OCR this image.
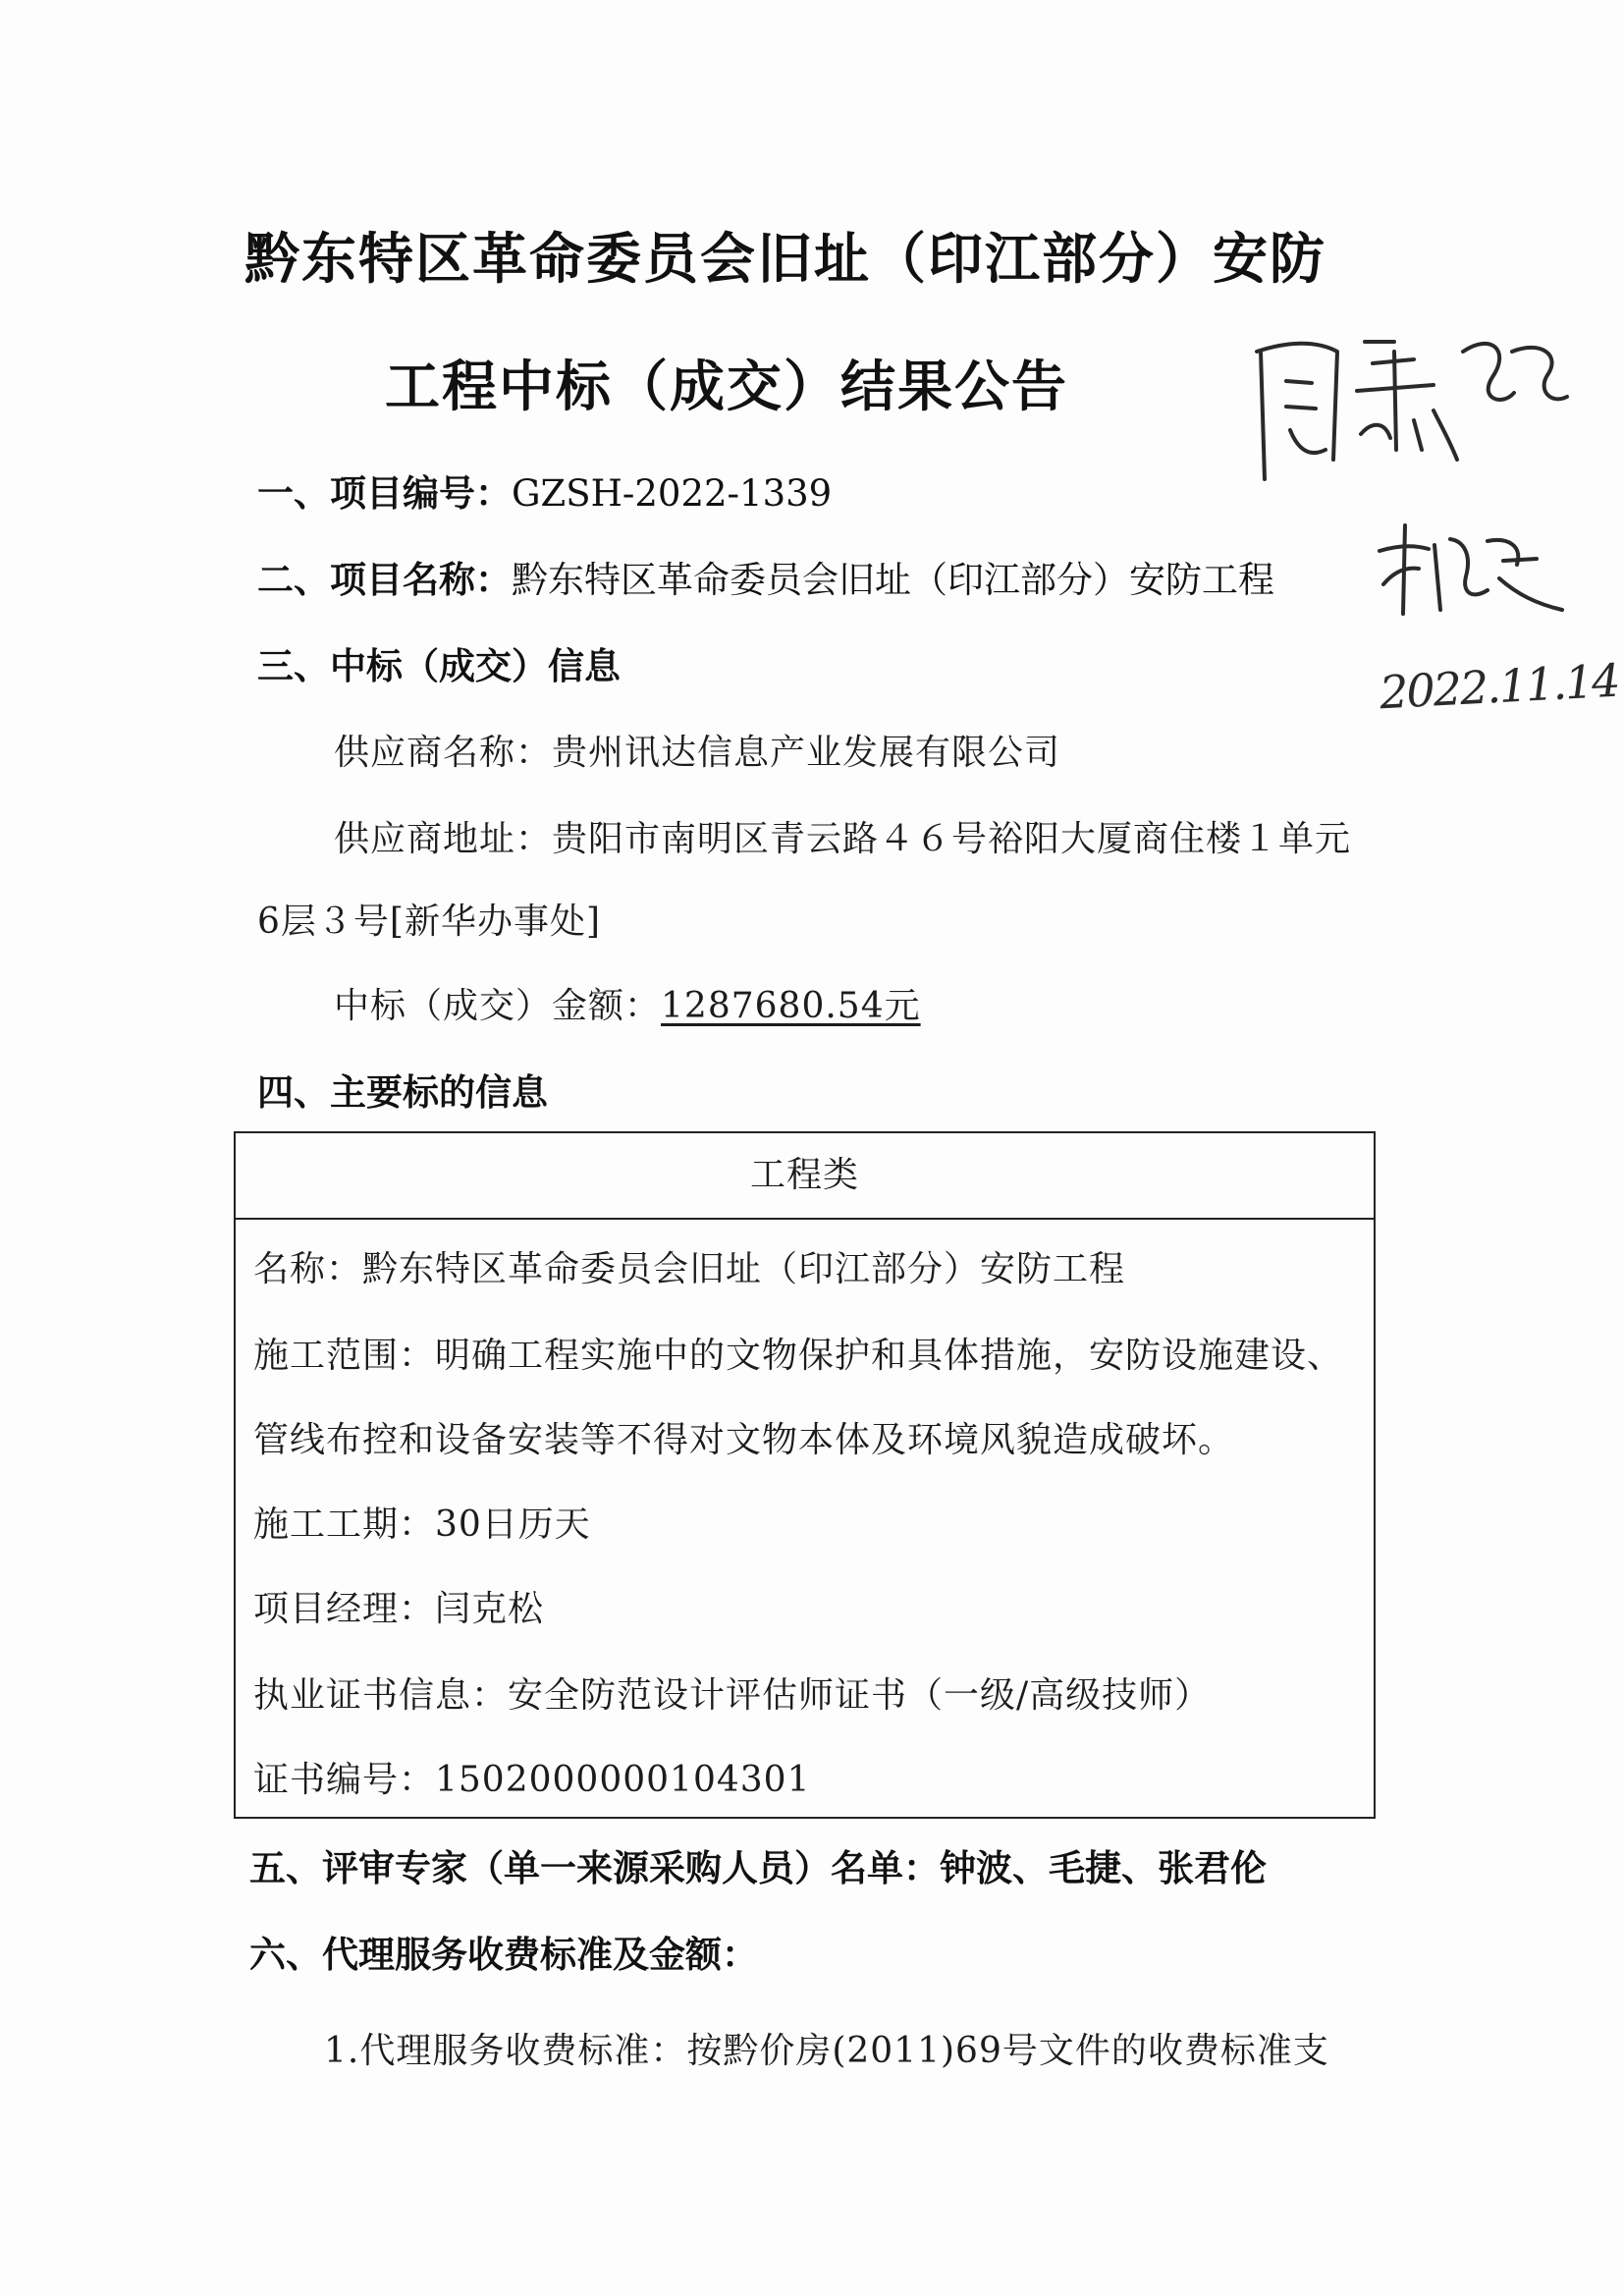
黔东特区革命委员会旧址（印江部分）安防
工程中标（成交）结果公告
一、项目编号：GZSH-2022-1339
二、项目名称：黔东特区革命委员会旧址（印江部分）安防工程
三、中标（成交）信息
供应商名称：贵州讯达信息产业发展有限公司
供应商地址：贵阳市南明区青云路４６号裕阳大厦商住楼１单元
6层３号[新华办事处]
中标（成交）金额：1287680.54元
四、主要标的信息
工程类
名称：黔东特区革命委员会旧址（印江部分）安防工程
施工范围：明确工程实施中的文物保护和具体措施，安防设施建设、
管线布控和设备安装等不得对文物本体及环境风貌造成破坏。
施工工期：30日历天
项目经理：闫克松
执业证书信息：安全防范设计评估师证书（一级/高级技师）
证书编号：1502000000104301
五、评审专家（单一来源采购人员）名单：钟波、毛捷、张君伦
六、代理服务收费标准及金额：
1.代理服务收费标准：按黔价房(2011)69号文件的收费标准支
2022.11.14
